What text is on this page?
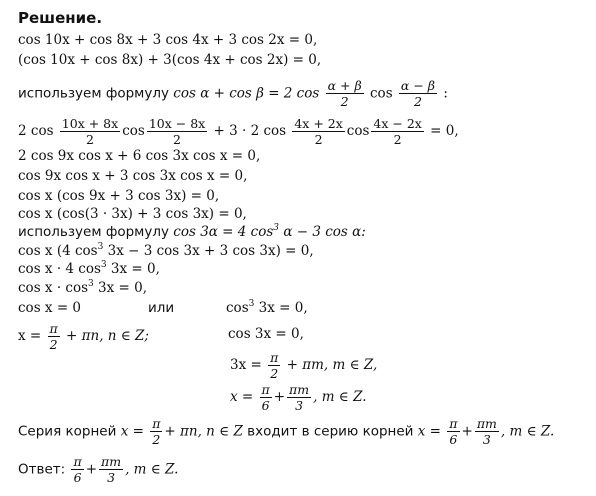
Решение.
cos 10x + cos 8x + 3 cos 4x + 3 cos 2x = 0,
(cos 10x + cos 8x) + 3(cos 4x + cos 2x) = 0,
используем формулу cos α + cos β = 2 $\cos \frac{\alpha + \beta}{2}$ $\cos \frac{\alpha - \beta}{2}$ :
2 $\cos \frac{10x + 8x}{2}$ $\cos \frac{10x - 8x}{2} + 3 \cdot 2$ $\cos \frac{4x + 2x}{2}$ $\cos \frac{4x - 2x}{2} = 0$,
2 cos 9x cos x + 6 cos 3x cos x = 0,
cos 9x cos x + 3 cos 3x cos x = 0,
cos x (cos 9x + 3 cos 3x) = 0,
cos x (cos(3 · 3x) + 3 cos 3x) = 0,
используем формулу cos 3α = 4 $\cos^3 \alpha - 3$ cos α:
cos x (4 $\cos^3 3x - 3$ cos 3x + 3 cos 3x) = 0,
cos x · 4 $\cos^3 3x = 0$,
$\cos x \cdot \cos^3 3x = 0$,
cos x = 0	или	$\cos^3 3x = 0$,
$x = \frac{\pi}{2} + \pi n$, n ∈ Z;	cos 3x = 0,
$3x = \frac{\pi}{2} + \pi m$, m ∈ Z,
$x = \frac{\pi}{6} + \frac{\pi m}{3}$ , m ∈ Z.
Серия корней $x = \frac{\pi}{2} + \pi n$, n ∈ Z входит в серию корней $x = \frac{\pi}{6} + \frac{\pi m}{3}$ , m ∈ Z.
Ответ: $\frac{\pi}{6} + \frac{\pi m}{3}$ , m ∈ Z.
